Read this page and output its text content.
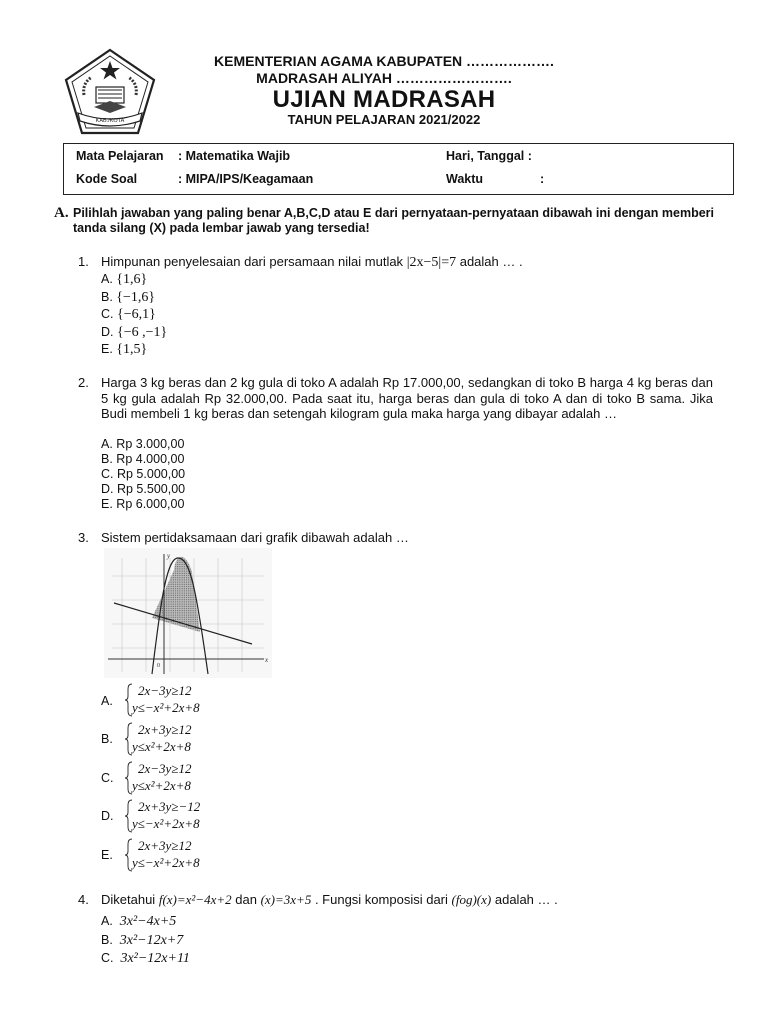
KAB./KOTA
KEMENTERIAN AGAMA KABUPATEN ……………….
MADRASAH ALIYAH …………………….
UJIAN MADRASAH
TAHUN PELAJARAN 2021/2022
Mata Pelajaran : Matematika Wajib
Kode Soal	: MIPA/IPS/Keagamaan
Hari, Tanggal :
Waktu	:
A. Pilihlah jawaban yang paling benar A,B,C,D atau E dari pernyataan-pernyataan dibawah ini dengan memberi tanda silang (X) pada lembar jawab yang tersedia!
1. Himpunan penyelesaian dari persamaan nilai mutlak |2x−5|=7 adalah … .
A. {1,6}
B. {−1,6}
C. {−6,1}
D. {−6 ,−1}
E. {1,5}
2. Harga 3 kg beras dan 2 kg gula di toko A adalah Rp 17.000,00, sedangkan di toko B harga 4 kg beras dan 5 kg gula adalah Rp 32.000,00. Pada saat itu, harga beras dan gula di toko A dan di toko B sama. Jika Budi membeli 1 kg beras dan setengah kilogram gula maka harga yang dibayar adalah …
A. Rp 3.000,00
B. Rp 4.000,00
C. Rp 5.000,00
D. Rp 5.500,00
E. Rp 6.000,00
3. Sistem pertidaksamaan dari grafik dibawah adalah …
y
x
0
A.
2x−3y≥12
y≤−x²+2x+8
B.
2x+3y≥12
y≤x²+2x+8
C.
2x−3y≥12
y≤x²+2x+8
D.
2x+3y≥−12
y≤−x²+2x+8
E.
2x+3y≥12
y≤−x²+2x+8
4. Diketahui f(x)=x²−4x+2 dan (x)=3x+5 . Fungsi komposisi dari (fog)(x) adalah … .
A. 3x²−4x+5
B. 3x²−12x+7
C. 3x²−12x+11
